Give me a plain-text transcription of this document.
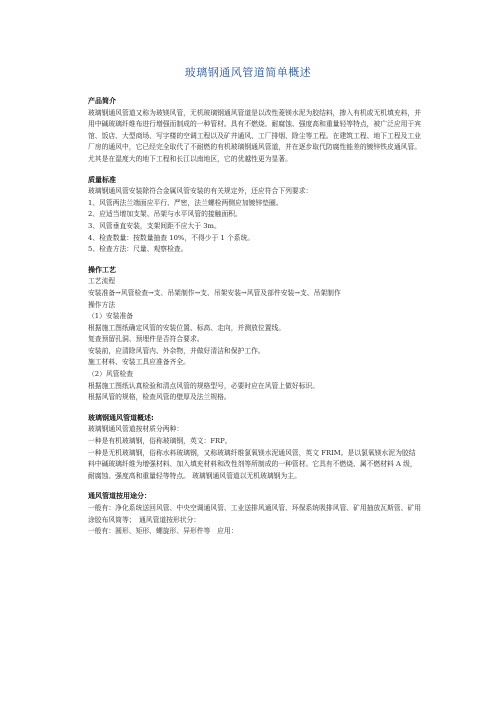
玻璃钢通风管道简单概述
产品简介

玻璃钢通风管道又称为玻镁风管，无机玻璃钢通风管道是以改性菱镁水泥为胶结料，掺入有机或无机填充料，并用中碱玻璃纤维布进行增强而制成的一种管材。具有不燃烧、耐腐蚀、强度高和重量轻等特点，被广泛应用于宾馆、饭店、大型商场、写字楼的空调工程以及矿井通风、工厂排烟、除尘等工程。在建筑工程、地下工程及工业厂房的通风中，它已经完全取代了不耐燃的有机玻璃钢通风管道，并在逐步取代防腐性能差的镀锌铁皮通风管。尤其是在湿度大的地下工程和长江以南地区，它的优越性更为显著。

质量标准

玻璃钢通风管安装除符合金属风管安装的有关规定外，还应符合下列要求：

1、风管两法兰端面应平行、严密，法兰螺栓两侧应加镀锌垫圈。

2、应适当增加支架、吊架与水平风管的接触面积。

3、风管垂直安装，支架间距不应大于 3m。

4、检查数量：按数量抽查 10%，不得少于 1 个系统。

5、检查方法：尺量、观察检查。

操作工艺

工艺流程

安装准备→风管检查→支、吊架制作→支、吊架安装→风管及部件安装→支、吊架制作

操作方法

（1）安装准备

根据施工图纸确定风管的安装位置、标高、走向，并测放位置线。

复查预留孔洞、预埋件是否符合要求。

安装前，应清除风管内、外杂物，并做好清洁和保护工作。

施工材料、安装工具应准备齐全。

（2）风管检查

根据施工图纸认真检验和清点风管的规格型号，必要时应在风管上做好标识。

根据风管的规格，检查风管的壁厚及法兰规格。

玻璃钢通风管道概述:

玻璃钢通风管道按材质分两种：

一种是有机玻璃钢，俗称玻璃钢，英文：FRP。

一种是无机玻璃钢，俗称水料玻璃钢，又称玻璃纤维氯氧镁水泥通风管，英文 FRIM。是以氯氧镁水泥为胶结料中碱玻璃纤维为增强材料、加入填充材料和改性剂等所制成的一种管材。它具有不燃烧、属不燃材料 A 级，耐腐蚀、强度高和重量轻等特点。 玻璃钢通风管道以无机玻璃钢为主。

通风管道按用途分：

一般有：净化系统送回风管、中央空调通风管、工业送排风通风管、环保系统吸排风管、矿用抽放瓦斯管、矿用涂胶布风筒等；　通风管道按形状分：

一般有：圆形、矩形、螺旋形、异形件等　应用：
